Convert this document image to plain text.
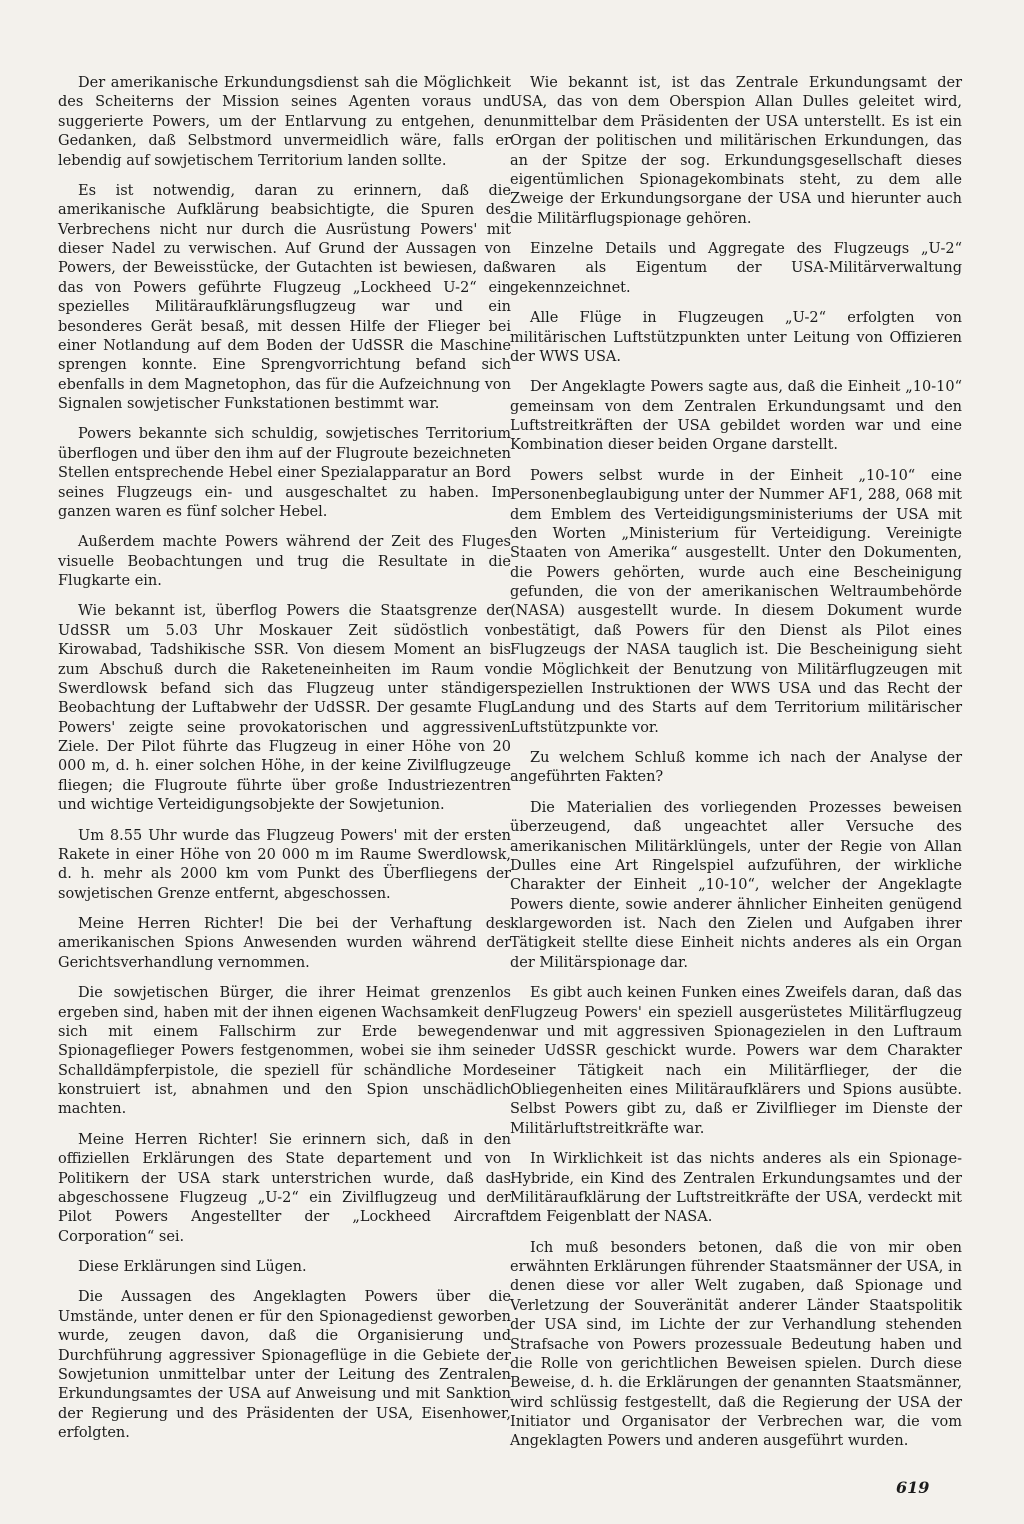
Der amerikanische Erkundungsdienst sah die Möglichkeit des Scheiterns der Mission seines Agenten voraus und suggerierte Powers, um der Entlarvung zu entgehen, den Gedanken, daß Selbstmord unvermeidlich wäre, falls er lebendig auf sowjetischem Territorium landen sollte.

Es ist notwendig, daran zu erinnern, daß die amerikanische Aufklärung beabsichtigte, die Spuren des Verbrechens nicht nur durch die Ausrüstung Powers' mit dieser Nadel zu verwischen. Auf Grund der Aussagen von Powers, der Beweisstücke, der Gutachten ist bewiesen, daß das von Powers geführte Flugzeug „Lockheed U-2“ ein spezielles Militäraufklärungsflugzeug war und ein besonderes Gerät besaß, mit dessen Hilfe der Flieger bei einer Notlandung auf dem Boden der UdSSR die Maschine sprengen konnte. Eine Sprengvorrichtung befand sich ebenfalls in dem Magnetophon, das für die Aufzeichnung von Signalen sowjetischer Funkstationen bestimmt war.

Powers bekannte sich schuldig, sowjetisches Territorium überflogen und über den ihm auf der Flugroute bezeichneten Stellen entsprechende Hebel einer Spezialapparatur an Bord seines Flugzeugs ein- und ausgeschaltet zu haben. Im ganzen waren es fünf solcher Hebel.

Außerdem machte Powers während der Zeit des Fluges visuelle Beobachtungen und trug die Resultate in die Flugkarte ein.

Wie bekannt ist, überflog Powers die Staatsgrenze der UdSSR um 5.03 Uhr Moskauer Zeit südöstlich von Kirowabad, Tadshikische SSR. Von diesem Moment an bis zum Abschuß durch die Raketeneinheiten im Raum von Swerdlowsk befand sich das Flugzeug unter ständiger Beobachtung der Luftabwehr der UdSSR. Der gesamte Flug Powers' zeigte seine provokatorischen und aggressiven Ziele. Der Pilot führte das Flugzeug in einer Höhe von 20 000 m, d. h. einer solchen Höhe, in der keine Zivilflugzeuge fliegen; die Flugroute führte über große Industriezentren und wichtige Verteidigungsobjekte der Sowjetunion.

Um 8.55 Uhr wurde das Flugzeug Powers' mit der ersten Rakete in einer Höhe von 20 000 m im Raume Swerdlowsk, d. h. mehr als 2000 km vom Punkt des Überfliegens der sowjetischen Grenze entfernt, abgeschossen.

Meine Herren Richter! Die bei der Verhaftung des amerikanischen Spions Anwesenden wurden während der Gerichtsverhandlung vernommen.

Die sowjetischen Bürger, die ihrer Heimat grenzenlos ergeben sind, haben mit der ihnen eigenen Wachsamkeit den sich mit einem Fallschirm zur Erde bewegenden Spionageflieger Powers festgenommen, wobei sie ihm seine Schalldämpferpistole, die speziell für schändliche Morde konstruiert ist, abnahmen und den Spion unschädlich machten.

Meine Herren Richter! Sie erinnern sich, daß in den offiziellen Erklärungen des State departement und von Politikern der USA stark unterstrichen wurde, daß das abgeschossene Flugzeug „U-2“ ein Zivilflugzeug und der Pilot Powers Angestellter der „Lockheed Aircraft Corporation“ sei.

Diese Erklärungen sind Lügen.

Die Aussagen des Angeklagten Powers über die Umstände, unter denen er für den Spionagedienst geworben wurde, zeugen davon, daß die Organisierung und Durchführung aggressiver Spionageflüge in die Gebiete der Sowjetunion unmittelbar unter der Leitung des Zentralen Erkundungsamtes der USA auf Anweisung und mit Sanktion der Regierung und des Präsidenten der USA, Eisenhower, erfolgten.

Wie bekannt ist, ist das Zentrale Erkundungsamt der USA, das von dem Oberspion Allan Dulles geleitet wird, unmittelbar dem Präsidenten der USA unterstellt. Es ist ein Organ der politischen und militärischen Erkundungen, das an der Spitze der sog. Erkundungsgesellschaft dieses eigentümlichen Spionagekombinats steht, zu dem alle Zweige der Erkundungsorgane der USA und hierunter auch die Militärflugspionage gehören.

Einzelne Details und Aggregate des Flugzeugs „U-2“ waren als Eigentum der USA-Militärverwaltung gekennzeichnet.

Alle Flüge in Flugzeugen „U-2“ erfolgten von militärischen Luftstützpunkten unter Leitung von Offizieren der WWS USA.

Der Angeklagte Powers sagte aus, daß die Einheit „10-10“ gemeinsam von dem Zentralen Erkundungsamt und den Luftstreitkräften der USA gebildet worden war und eine Kombination dieser beiden Organe darstellt.

Powers selbst wurde in der Einheit „10-10“ eine Personenbeglaubigung unter der Nummer AF1, 288, 068 mit dem Emblem des Verteidigungsministeriums der USA mit den Worten „Ministerium für Verteidigung. Vereinigte Staaten von Amerika“ ausgestellt. Unter den Dokumenten, die Powers gehörten, wurde auch eine Bescheinigung gefunden, die von der amerikanischen Weltraumbehörde (NASA) ausgestellt wurde. In diesem Dokument wurde bestätigt, daß Powers für den Dienst als Pilot eines Flugzeugs der NASA tauglich ist. Die Bescheinigung sieht die Möglichkeit der Benutzung von Militärflugzeugen mit speziellen Instruktionen der WWS USA und das Recht der Landung und des Starts auf dem Territorium militärischer Luftstützpunkte vor.

Zu welchem Schluß komme ich nach der Analyse der angeführten Fakten?

Die Materialien des vorliegenden Prozesses beweisen überzeugend, daß ungeachtet aller Versuche des amerikanischen Militärklüngels, unter der Regie von Allan Dulles eine Art Ringelspiel aufzuführen, der wirkliche Charakter der Einheit „10-10“, welcher der Angeklagte Powers diente, sowie anderer ähnlicher Einheiten genügend klargeworden ist. Nach den Zielen und Aufgaben ihrer Tätigkeit stellte diese Einheit nichts anderes als ein Organ der Militärspionage dar.

Es gibt auch keinen Funken eines Zweifels daran, daß das Flugzeug Powers' ein speziell ausgerüstetes Militärflugzeug war und mit aggressiven Spionagezielen in den Luftraum der UdSSR geschickt wurde. Powers war dem Charakter seiner Tätigkeit nach ein Militärflieger, der die Obliegenheiten eines Militäraufklärers und Spions ausübte. Selbst Powers gibt zu, daß er Zivilflieger im Dienste der Militärluftstreitkräfte war.

In Wirklichkeit ist das nichts anderes als ein Spionage-Hybride, ein Kind des Zentralen Erkundungsamtes und der Militäraufklärung der Luftstreitkräfte der USA, verdeckt mit dem Feigenblatt der NASA.

Ich muß besonders betonen, daß die von mir oben erwähnten Erklärungen führender Staatsmänner der USA, in denen diese vor aller Welt zugaben, daß Spionage und Verletzung der Souveränität anderer Länder Staatspolitik der USA sind, im Lichte der zur Verhandlung stehenden Strafsache von Powers prozessuale Bedeutung haben und die Rolle von gerichtlichen Beweisen spielen. Durch diese Beweise, d. h. die Erklärungen der genannten Staatsmänner, wird schlüssig festgestellt, daß die Regierung der USA der Initiator und Organisator der Verbrechen war, die vom Angeklagten Powers und anderen ausgeführt wurden.

619
